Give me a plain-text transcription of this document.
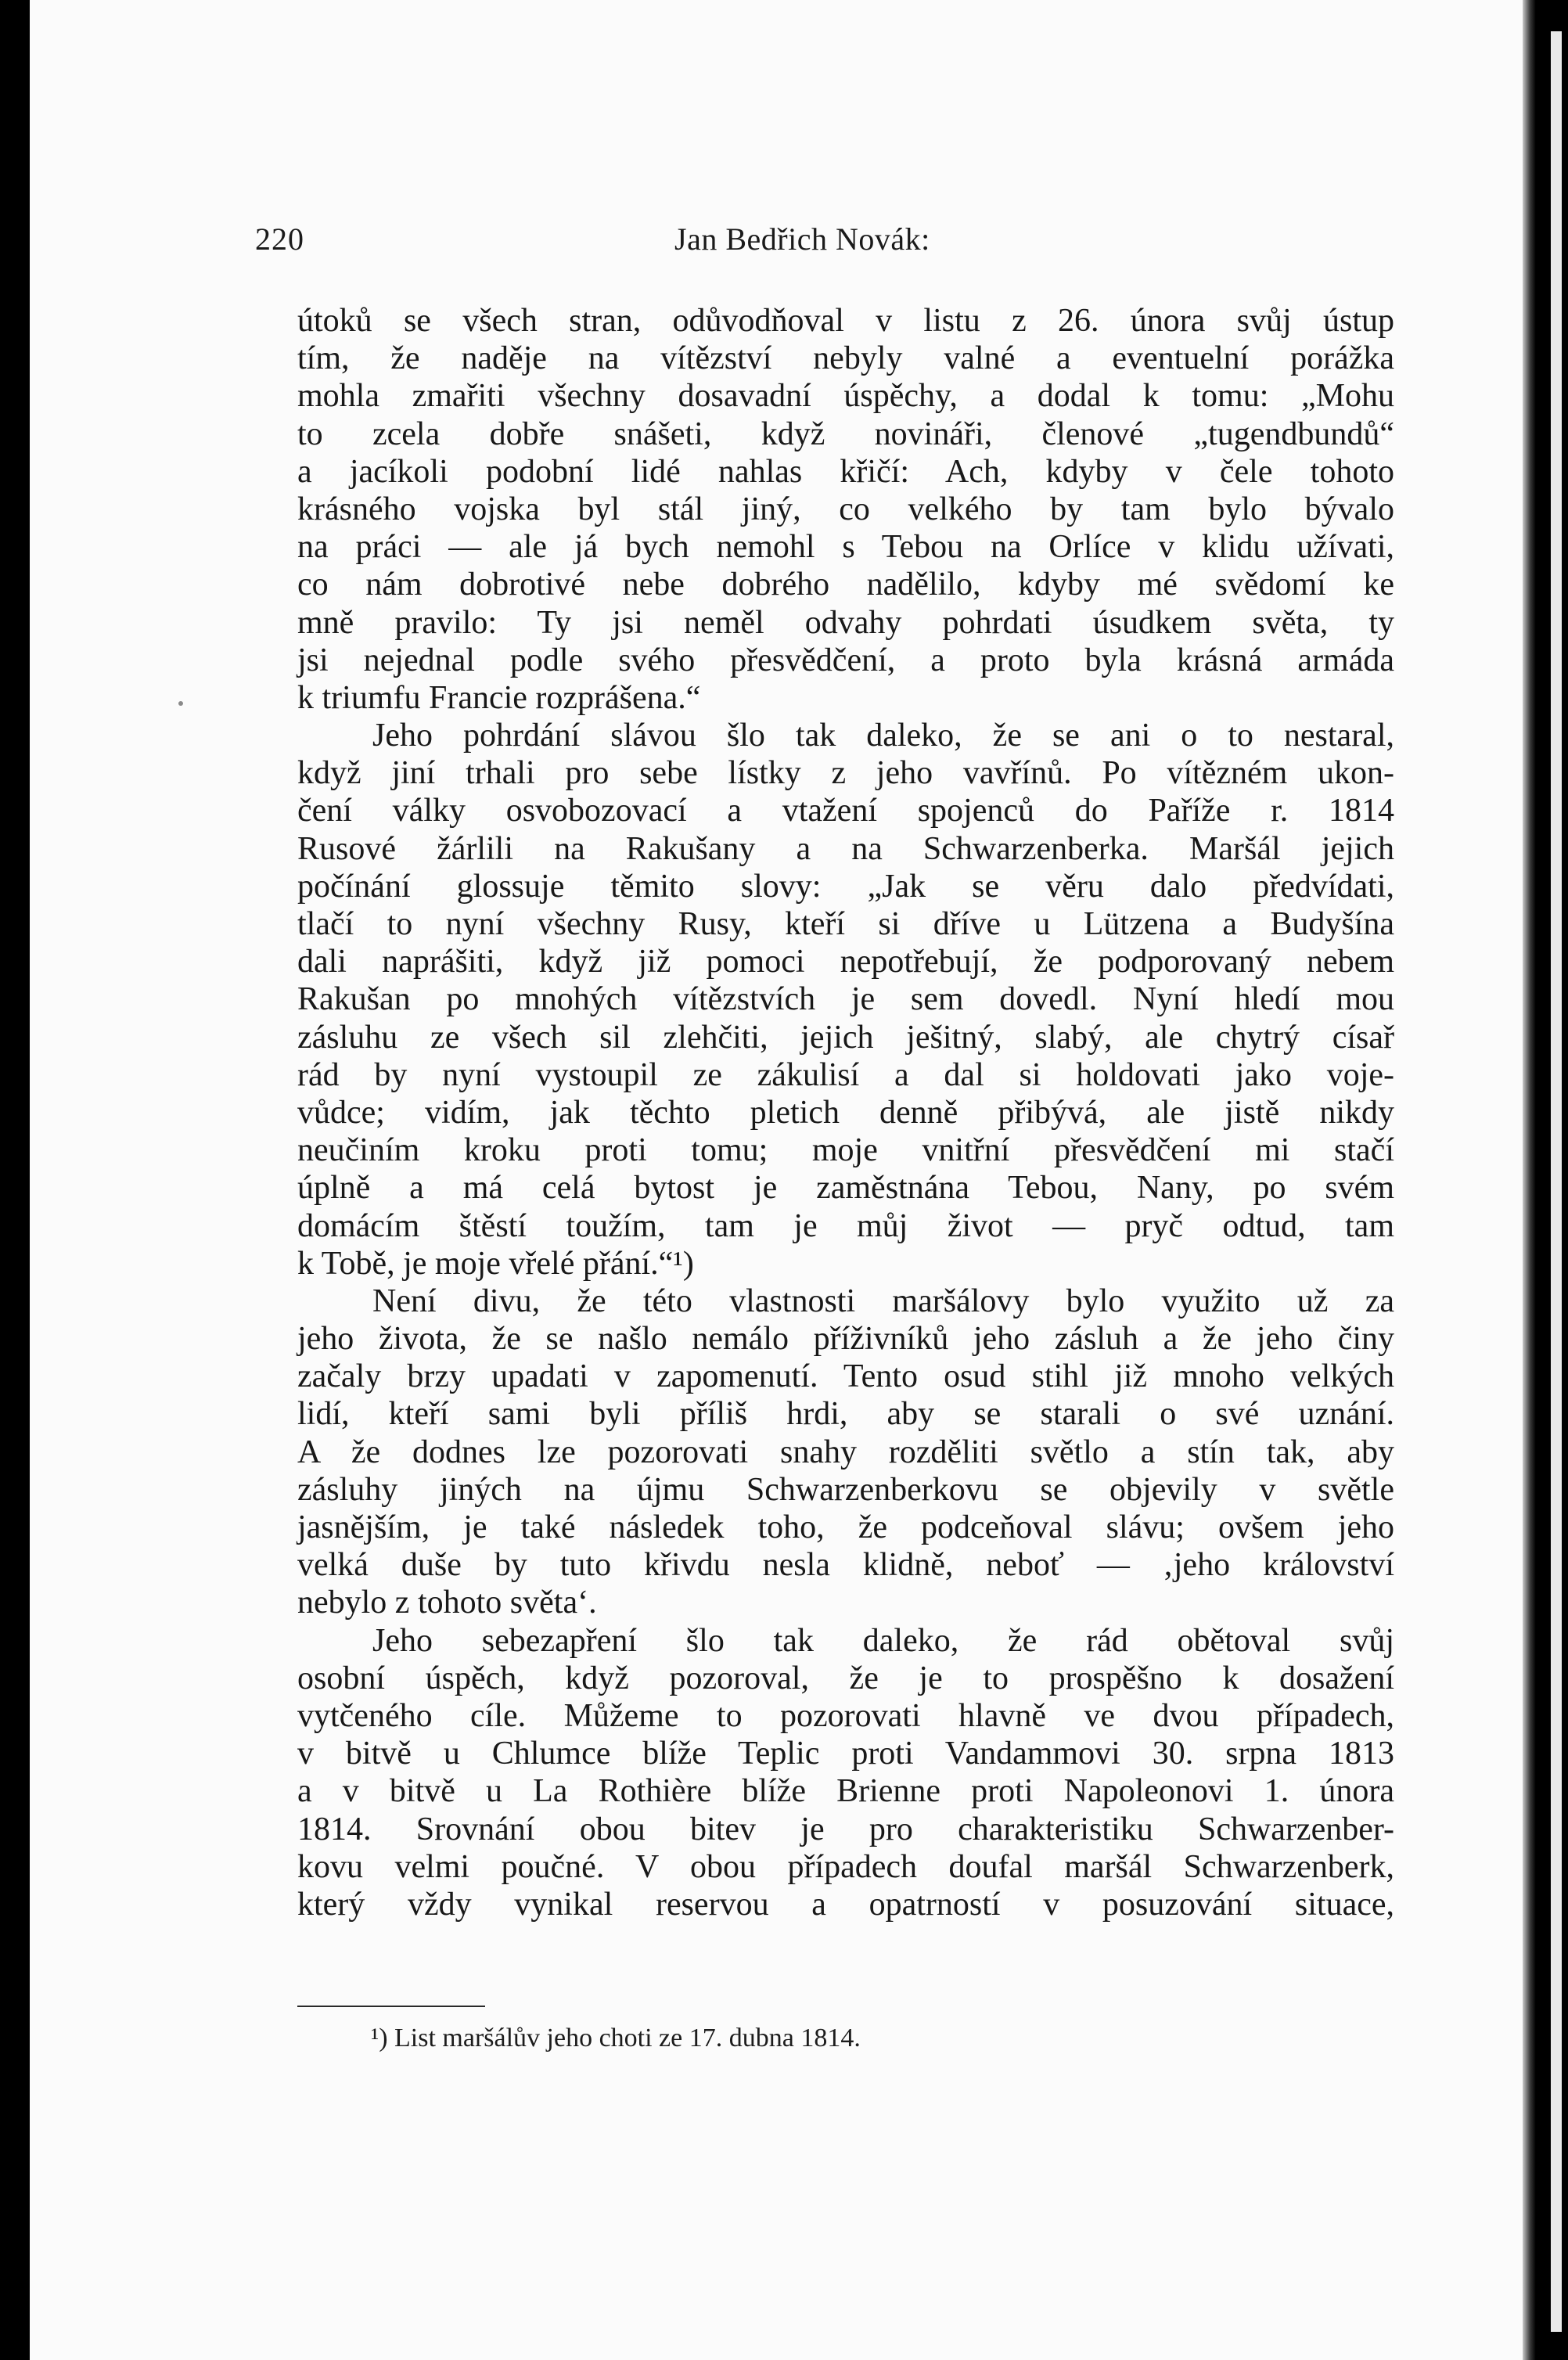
220	Jan Bedřich Novák:
útoků se všech stran, odůvodňoval v listu z 26. února svůj ústup
tím, že naděje na vítězství nebyly valné a eventuelní porážka
mohla zmařiti všechny dosavadní úspěchy, a dodal k tomu: „Mohu
to zcela dobře snášeti, když novináři, členové „tugendbundů“
a jacíkoli podobní lidé nahlas křičí: Ach, kdyby v čele tohoto
krásného vojska byl stál jiný, co velkého by tam bylo bývalo
na práci — ale já bych nemohl s Tebou na Orlíce v klidu užívati,
co nám dobrotivé nebe dobrého nadělilo, kdyby mé svědomí ke
mně pravilo: Ty jsi neměl odvahy pohrdati úsudkem světa, ty
jsi nejednal podle svého přesvědčení, a proto byla krásná armáda
k triumfu Francie rozprášena.“
Jeho pohrdání slávou šlo tak daleko, že se ani o to nestaral,
když jiní trhali pro sebe lístky z jeho vavřínů. Po vítězném ukon-
čení války osvobozovací a vtažení spojenců do Paříže r. 1814
Rusové žárlili na Rakušany a na Schwarzenberka. Maršál jejich
počínání glossuje těmito slovy: „Jak se věru dalo předvídati,
tlačí to nyní všechny Rusy, kteří si dříve u Lützena a Budyšína
dali naprášiti, když již pomoci nepotřebují, že podporovaný nebem
Rakušan po mnohých vítězstvích je sem dovedl. Nyní hledí mou
zásluhu ze všech sil zlehčiti, jejich ješitný, slabý, ale chytrý císař
rád by nyní vystoupil ze zákulisí a dal si holdovati jako voje-
vůdce; vidím, jak těchto pletich denně přibývá, ale jistě nikdy
neučiním kroku proti tomu; moje vnitřní přesvědčení mi stačí
úplně a má celá bytost je zaměstnána Tebou, Nany, po svém
domácím štěstí toužím, tam je můj život — pryč odtud, tam
k Tobě, je moje vřelé přání.“¹)
Není divu, že této vlastnosti maršálovy bylo využito už za
jeho života, že se našlo nemálo příživníků jeho zásluh a že jeho činy
začaly brzy upadati v zapomenutí. Tento osud stihl již mnoho velkých
lidí, kteří sami byli příliš hrdi, aby se starali o své uznání.
A že dodnes lze pozorovati snahy rozděliti světlo a stín tak, aby
zásluhy jiných na újmu Schwarzenberkovu se objevily v světle
jasnějším, je také následek toho, že podceňoval slávu; ovšem jeho
velká duše by tuto křivdu nesla klidně, neboť — ‚jeho království
nebylo z tohoto světa‘.
Jeho sebezapření šlo tak daleko, že rád obětoval svůj
osobní úspěch, když pozoroval, že je to prospěšno k dosažení
vytčeného cíle. Můžeme to pozorovati hlavně ve dvou případech,
v bitvě u Chlumce blíže Teplic proti Vandammovi 30. srpna 1813
a v bitvě u La Rothière blíže Brienne proti Napoleonovi 1. února
1814. Srovnání obou bitev je pro charakteristiku Schwarzenber-
kovu velmi poučné. V obou případech doufal maršál Schwarzenberk,
který vždy vynikal reservou a opatrností v posuzování situace,
¹) List maršálův jeho choti ze 17. dubna 1814.
